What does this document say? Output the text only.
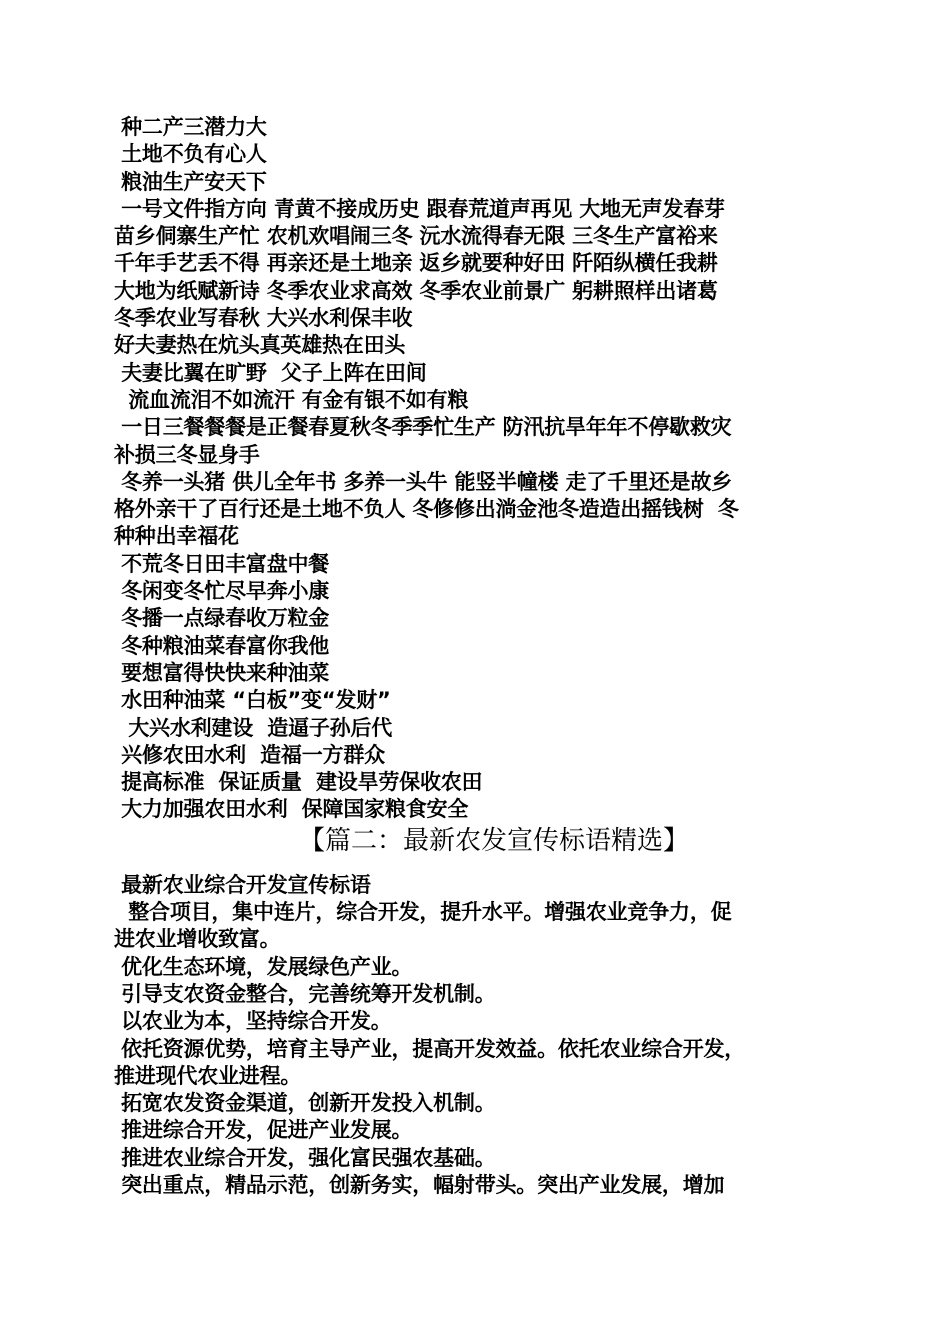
种二产三潜力大
土地不负有心人
粮油生产安天下
一号文件指方向 青黄不接成历史 跟春荒道声再见 大地无声发春芽
苗乡侗寨生产忙 农机欢唱闹三冬 沅水流得春无限 三冬生产富裕来
千年手艺丢不得 再亲还是土地亲 返乡就要种好田 阡陌纵横任我耕
大地为纸赋新诗 冬季农业求高效 冬季农业前景广 躬耕照样出诸葛
冬季农业写春秋 大兴水利保丰收
好夫妻热在炕头真英雄热在田头
夫妻比翼在旷野  父子上阵在田间
流血流泪不如流汗 有金有银不如有粮
一日三餐餐餐是正餐春夏秋冬季季忙生产 防汛抗旱年年不停歇救灾
补损三冬显身手
冬养一头猪 供儿全年书 多养一头牛 能竖半幢楼 走了千里还是故乡
格外亲干了百行还是土地不负人 冬修修出淌金池冬造造出摇钱树  冬
种种出幸福花
不荒冬日田丰富盘中餐
冬闲变冬忙尽早奔小康
冬播一点绿春收万粒金
冬种粮油菜春富你我他
要想富得快快来种油菜
水田种油菜 “白板”变“发财”
大兴水利建设  造逼子孙后代
兴修农田水利  造福一方群众
提高标准  保证质量  建设旱劳保收农田
大力加强农田水利  保障国家粮食安全
【篇二：最新农发宣传标语精选】
最新农业综合开发宣传标语
整合项目，集中连片，综合开发，提升水平。增强农业竞争力，促
进农业增收致富。
优化生态环境，发展绿色产业。
引导支农资金整合，完善统筹开发机制。
以农业为本，坚持综合开发。
依托资源优势，培育主导产业，提高开发效益。依托农业综合开发，
推进现代农业进程。
拓宽农发资金渠道，创新开发投入机制。
推进综合开发，促进产业发展。
推进农业综合开发，强化富民强农基础。
突出重点，精品示范，创新务实，幅射带头。突出产业发展，增加
